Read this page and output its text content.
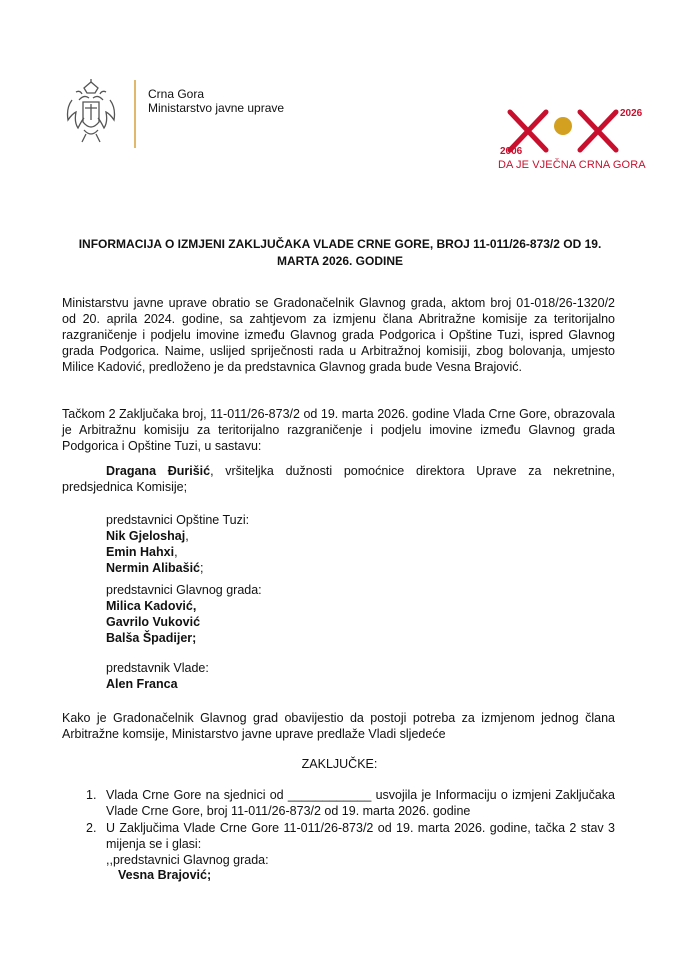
Crna Gora
Ministarstvo javne uprave
2006
2026
DA JE VJEČNA CRNA GORA
INFORMACIJA O IZMJENI ZAKLJUČAKA VLADE CRNE GORE, BROJ 11-011/26-873/2 OD 19. MARTA 2026. GODINE
Ministarstvu javne uprave obratio se Gradonačelnik Glavnog grada, aktom broj 01-018/26-1320/2 od 20. aprila 2024. godine, sa zahtjevom za izmjenu člana Abritražne komisije za teritorijalno razgraničenje i podjelu imovine između Glavnog grada Podgorica i Opštine Tuzi, ispred Glavnog grada Podgorica. Naime, uslijed spriječnosti rada u Arbitražnoj komisiji, zbog bolovanja, umjesto Milice Kadović, predloženo je da predstavnica Glavnog grada bude Vesna Brajović.
Tačkom 2 Zaključaka broj, 11-011/26-873/2 od 19. marta 2026. godine Vlada Crne Gore, obrazovala je Arbitražnu komisiju za teritorijalno razgraničenje i podjelu imovine između Glavnog grada Podgorica i Opštine Tuzi, u sastavu:
Dragana Đurišić, vršiteljka dužnosti pomoćnice direktora Uprave za nekretnine, predsjednica Komisije;
predstavnici Opštine Tuzi:
Nik Gjeloshaj,
Emin Hahxi,
Nermin Alibašić;
predstavnici Glavnog grada:
Milica Kadović,
Gavrilo Vuković
Balša Špadijer;
predstavnik Vlade:
Alen Franca
Kako je Gradonačelnik Glavnog grad obavijestio da postoji potreba za izmjenom jednog člana Arbitražne komsije, Ministarstvo javne uprave predlaže Vladi sljedeće
ZAKLJUČKE:
1. Vlada Crne Gore na sjednici od ____________ usvojila je Informaciju o izmjeni Zaključaka Vlade Crne Gore, broj 11-011/26-873/2 od 19. marta 2026. godine
2. U Zaključima Vlade Crne Gore 11-011/26-873/2 od 19. marta 2026. godine, tačka 2 stav 3 mijenja se i glasi:
,,predstavnici Glavnog grada:
Vesna Brajović;
